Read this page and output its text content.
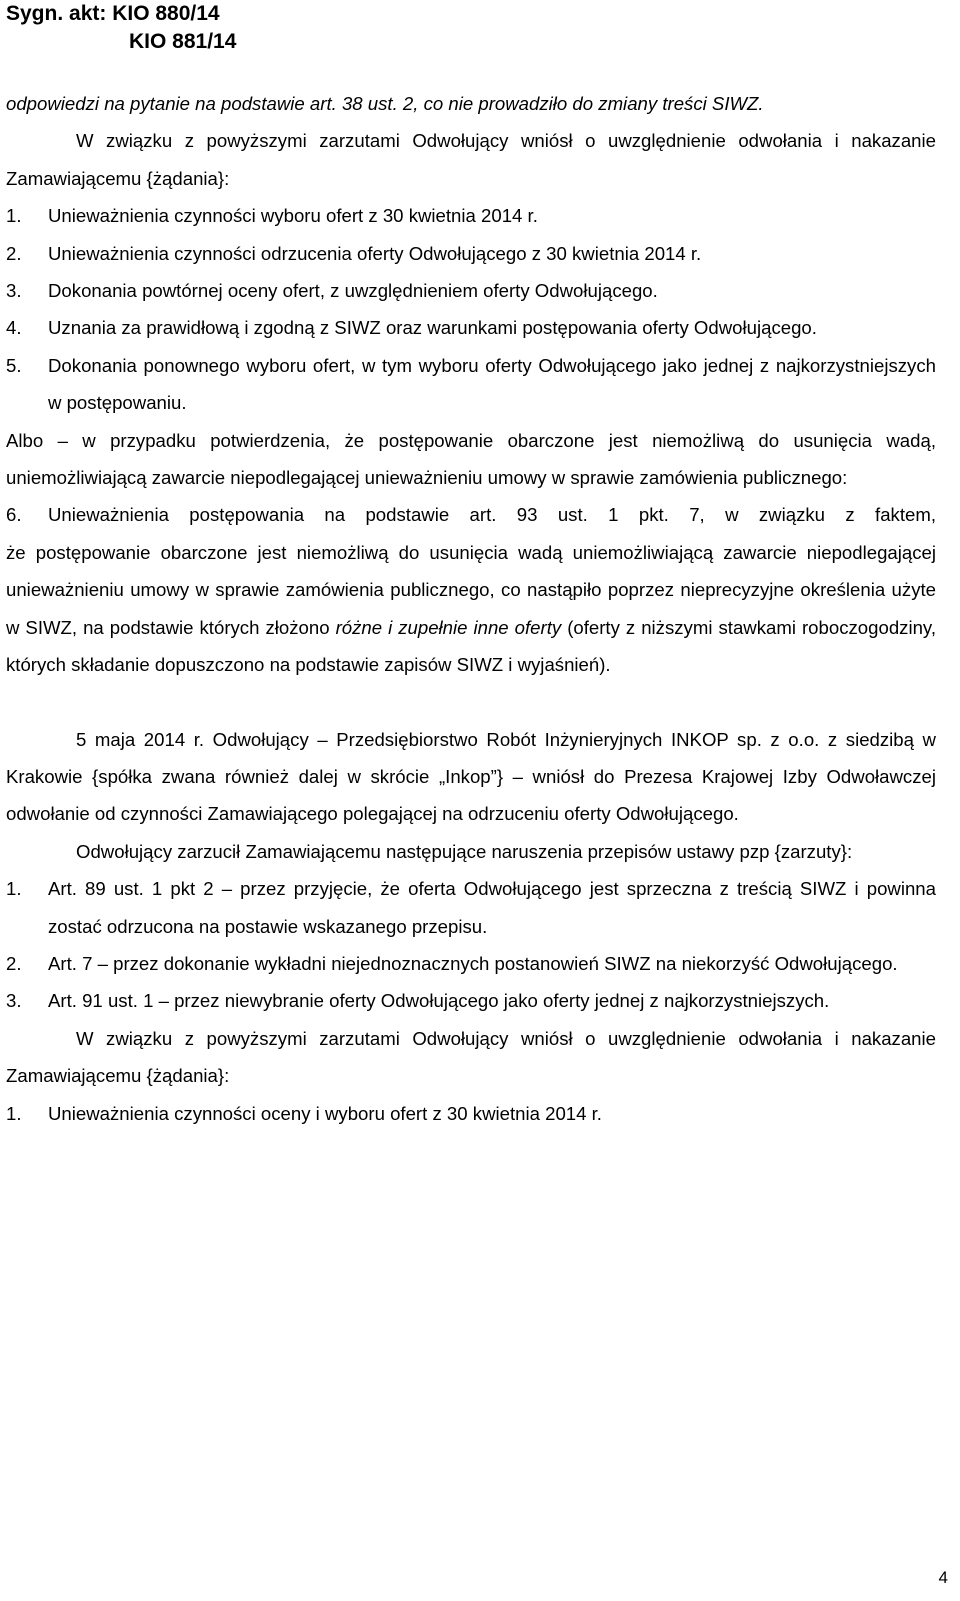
Sygn. akt: KIO 880/14
KIO 881/14

odpowiedzi na pytanie na podstawie art. 38 ust. 2, co nie prowadziło do zmiany treści SIWZ.

W związku z powyższymi zarzutami Odwołujący wniósł o uwzględnienie odwołania i nakazanie Zamawiającemu {żądania}:

1. Unieważnienia czynności wyboru ofert z 30 kwietnia 2014 r.
2. Unieważnienia czynności odrzucenia oferty Odwołującego z 30 kwietnia 2014 r.
3. Dokonania powtórnej oceny ofert, z uwzględnieniem oferty Odwołującego.
4. Uznania za prawidłową i zgodną z SIWZ oraz warunkami postępowania oferty Odwołującego.
5. Dokonania ponownego wyboru ofert, w tym wyboru oferty Odwołującego jako jednej z najkorzystniejszych w postępowaniu.

Albo – w przypadku potwierdzenia, że postępowanie obarczone jest niemożliwą do usunięcia wadą, uniemożliwiającą zawarcie niepodlegającej unieważnieniu umowy w sprawie zamówienia publicznego:

6. Unieważnienia postępowania na podstawie art. 93 ust. 1 pkt. 7, w związku z faktem,

że postępowanie obarczone jest niemożliwą do usunięcia wadą uniemożliwiającą zawarcie niepodlegającej unieważnieniu umowy w sprawie zamówienia publicznego, co nastąpiło poprzez nieprecyzyjne określenia użyte w SIWZ, na podstawie których złożono różne i zupełnie inne oferty (oferty z niższymi stawkami roboczogodziny, których składanie dopuszczono na podstawie zapisów SIWZ i wyjaśnień).

5 maja 2014 r. Odwołujący – Przedsiębiorstwo Robót Inżynieryjnych INKOP sp. z o.o. z siedzibą w Krakowie {spółka zwana również dalej w skrócie „Inkop”} – wniósł do Prezesa Krajowej Izby Odwoławczej odwołanie od czynności Zamawiającego polegającej na odrzuceniu oferty Odwołującego.

Odwołujący zarzucił Zamawiającemu następujące naruszenia przepisów ustawy pzp {zarzuty}:

1. Art. 89 ust. 1 pkt 2 – przez przyjęcie, że oferta Odwołującego jest sprzeczna z treścią SIWZ i powinna zostać odrzucona na postawie wskazanego przepisu.
2. Art. 7 – przez dokonanie wykładni niejednoznacznych postanowień SIWZ na niekorzyść Odwołującego.
3. Art. 91 ust. 1 – przez niewybranie oferty Odwołującego jako oferty jednej z najkorzystniejszych.

W związku z powyższymi zarzutami Odwołujący wniósł o uwzględnienie odwołania i nakazanie Zamawiającemu {żądania}:

1. Unieważnienia czynności oceny i wyboru ofert z 30 kwietnia 2014 r.
4
